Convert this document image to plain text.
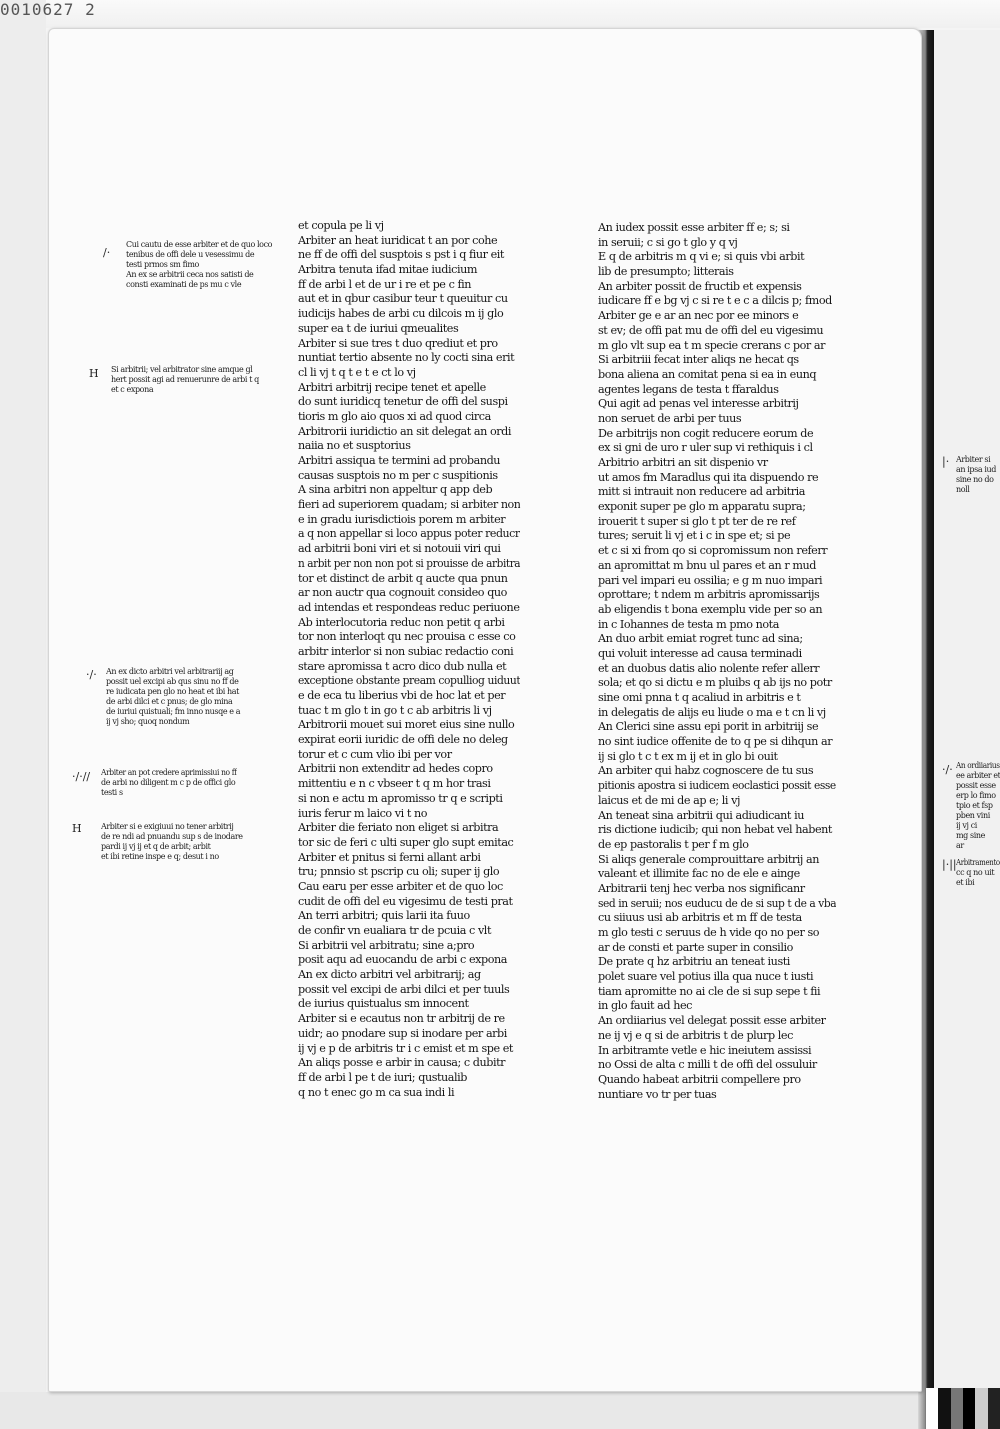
0010627 2
et copula pe li vj
Arbiter an heat iuridicat t an por cohe
ne ff de offi del susptois s pst i q fiur eit
Arbitra tenuta ifad mitae iudicium
ff de arbi l et de ur i re et pe c fin
aut et in qbur casibur teur t queuitur cu
iudicijs habes de arbi cu dilcois m ij glo
super ea t de iuriui qmeualites
Arbiter si sue tres t duo qrediut et pro
nuntiat tertio absente no ly cocti sina erit
cl li vj t q t e t e ct lo vj
Arbitri arbitrij recipe tenet et apelle
do sunt iuridicq tenetur de offi del suspi
tioris m glo aio quos xi ad quod circa
Arbitrorii iuridictio an sit delegat an ordi
naiia no et susptorius
Arbitri assiqua te termini ad probandu
causas susptois no m per c suspitionis
A sina arbitri non appeltur q app deb
fieri ad superiorem quadam; si arbiter non
e in gradu iurisdictiois porem m arbiter
a q non appellar si loco appus poter reducr
ad arbitrii boni viri et si notouii viri qui
n arbit per non non pot si prouisse de arbitra
tor et distinct de arbit q aucte qua pnun
ar non auctr qua cognouit consideo quo
ad intendas et respondeas reduc periuone
Ab interlocutoria reduc non petit q arbi
tor non interloqt qu nec prouisa c esse co
arbitr interlor si non subiac redactio coni
stare apromissa t acro dico dub nulla et
exceptione obstante pream copulliog uiduut
e de eca tu liberius vbi de hoc lat et per
tuac t m glo t in go t c ab arbitris li vj
Arbitrorii mouet sui moret eius sine nullo
expirat eorii iuridic de offi dele no deleg
torur et c cum vlio ibi per vor
Arbitrii non extenditr ad hedes copro
mittentiu e n c vbseer t q m hor trasi
si non e actu m apromisso tr q e scripti
iuris ferur m laico vi t no
Arbiter die feriato non eliget si arbitra
tor sic de feri c ulti super glo supt emitac
Arbiter et pnitus si ferni allant arbi
tru; pnnsio st pscrip cu oli; super ij glo
Cau earu per esse arbiter et de quo loc
cudit de offi del eu vigesimu de testi prat
An terri arbitri; quis larii ita fuuo
de confir vn eualiara tr de pcuia c vlt
Si arbitrii vel arbitratu; sine a;pro
posit aqu ad euocandu de arbi c expona
An ex dicto arbitri vel arbitrarij; ag
possit vel excipi de arbi dilci et per tuuls
de iurius quistualus sm innocent
Arbiter si e ecautus non tr arbitrij de re
uidr; ao pnodare sup si inodare per arbi
ij vj e p de arbitris tr i c emist et m spe et
An aliqs posse e arbir in causa; c dubitr
ff de arbi l pe t de iuri; qustualib
q no t enec go m ca sua indi li
An iudex possit esse arbiter ff e; s; si
in seruii; c si go t glo y q vj
E q de arbitris m q vi e; si quis vbi arbit
lib de presumpto; litterais
An arbiter possit de fructib et expensis
iudicare ff e bg vj c si re t e c a dilcis p; fmod
Arbiter ge e ar an nec por ee minors e
st ev; de offi pat mu de offi del eu vigesimu
m glo vlt sup ea t m specie crerans c por ar
Si arbitriii fecat inter aliqs ne hecat qs
bona aliena an comitat pena si ea in eunq
agentes legans de testa t ffaraldus
Qui agit ad penas vel interesse arbitrij
non seruet de arbi per tuus
De arbitrijs non cogit reducere eorum de
ex si gni de uro r uler sup vi rethiquis i cl
Arbitrio arbitri an sit dispenio vr
ut amos fm Maradlus qui ita dispuendo re
mitt si intrauit non reducere ad arbitria
exponit super pe glo m apparatu supra;
irouerit t super si glo t pt ter de re ref
tures; seruit li vj et i c in spe et; si pe
et c si xi from qo si copromissum non referr
an apromittat m bnu ul pares et an r mud
pari vel impari eu ossilia; e g m nuo impari
oprottare; t ndem m arbitris apromissarijs
ab eligendis t bona exemplu vide per so an
in c Iohannes de testa m pmo nota
An duo arbit emiat rogret tunc ad sina;
qui voluit interesse ad causa terminadi
et an duobus datis alio nolente refer allerr
sola; et qo si dictu e m pluibs q ab ijs no potr
sine omi pnna t q acaliud in arbitris e t
in delegatis de alijs eu liude o ma e t cn li vj
An Clerici sine assu epi porit in arbitriij se
no sint iudice offenite de to q pe si dihqun ar
ij si glo t c t ex m ij et in glo bi ouit
An arbiter qui habz cognoscere de tu sus
pitionis apostra si iudicem eoclastici possit esse
laicus et de mi de ap e; li vj
An teneat sina arbitrii qui adiudicant iu
ris dictione iudicib; qui non hebat vel habent
de ep pastoralis t per f m glo
Si aliqs generale comprouittare arbitrij an
valeant et illimite fac no de ele e ainge
Arbitrarii tenj hec verba nos significanr
sed in seruii; nos euducu de de si sup t de a vba
cu siiuus usi ab arbitris et m ff de testa
m glo testi c seruus de h vide qo no per so
ar de consti et parte super in consilio
De prate q hz arbitriu an teneat iusti
polet suare vel potius illa qua nuce t iusti
tiam apromitte no ai cle de si sup sepe t fii
in glo fauit ad hec
An ordiiarius vel delegat possit esse arbiter
ne ij vj e q si de arbitris t de plurp lec
In arbitramte vetle e hic ineiutem assissi
no Ossi de alta c milli t de offi del ossuluir
Quando habeat arbitrii compellere pro
nuntiare vo tr per tuas
/·
Cui cautu de esse arbiter et de quo loco
tenibus de offi dele u vesessimu de
testi prmos sm fimo
An ex se arbitrii ceca nos satisti de
consti examinati de ps mu c vle
H Si arbitrii; vel arbitrator sine amque gl
hert possit agi ad renuerunre de arbi t q
et c expona
·/· An ex dicto arbitri vel arbitrariij ag
possit uel excipi ab qus sinu no ff de
re iudicata pen glo no heat et ibi hat
de arbi dilci et c pnus; de glo mina
de iuriui quistuali; fm inno nusqe e a
ij vj sho; quoq nondum
·/·// Arbiter an pot credere aprimissiui no ff
de arbi no diligent m c p de offici glo
testi s
H Arbiter si e exigiuui no tener arbitrij
de re ndi ad pnuandu sup s de inodare
pardi ij vj ij et q de arbit; arbit
et ibi retine inspe e q; desut i no
|· Arbiter si
an ipsa iud
sine no do
noll
·/· An ordiiarius
ee arbiter et
possit esse
erp lo fimo
tpio et fsp
pben vini
ij vj ci
mg sine
ar
|·|| Arbitramento
cc q no uit
et ibi
